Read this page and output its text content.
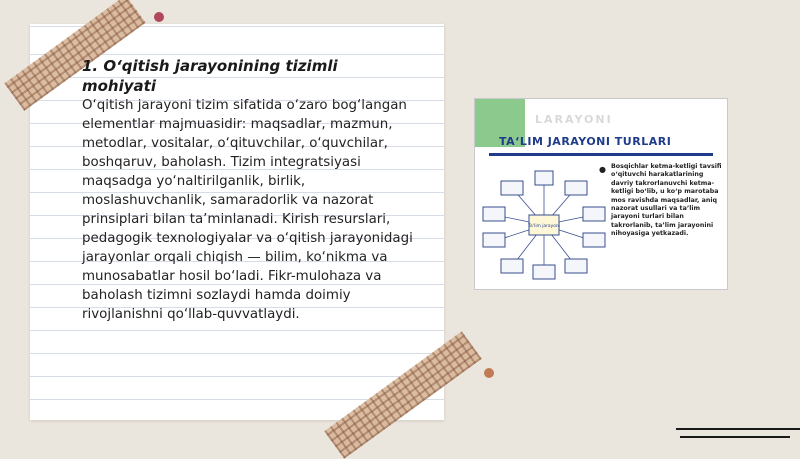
1. O‘qitish jarayonining tizimli mohiyati

O‘qitish jarayoni tizim sifatida o‘zaro bog‘langan elementlar majmuasidir: maqsadlar, mazmun, metodlar, vositalar, o‘qituvchilar, o‘quvchilar, boshqaruv, baholash. Tizim integratsiyasi maqsadga yo‘naltirilganlik, birlik, moslashuvchanlik, samaradorlik va nazorat prinsiplari bilan ta’minlanadi. Kirish resurslari, pedagogik texnologiyalar va o‘qitish jarayonidagi jarayonlar orqali chiqish — bilim, ko‘nikma va munosabatlar hosil bo‘ladi. Fikr-mulohaza va baholash tizimni sozlaydi hamda doimiy rivojlanishni qo‘llab-quvvatlaydi.

LARAYONI

TA‘LIM JARAYONI TURLARI

Ta‘lim jarayoni
● Bosqichlar ketma-ketligi tavsifi o‘qituvchi harakatlarining davriy takrorlanuvchi ketma-ketligi bo‘lib, u ko‘p marotaba mos ravishda maqsadlar, aniq nazorat usullari va ta’lim jarayoni turlari bilan takrorlanib, ta’lim jarayonini nihoyasiga yetkazadi.
